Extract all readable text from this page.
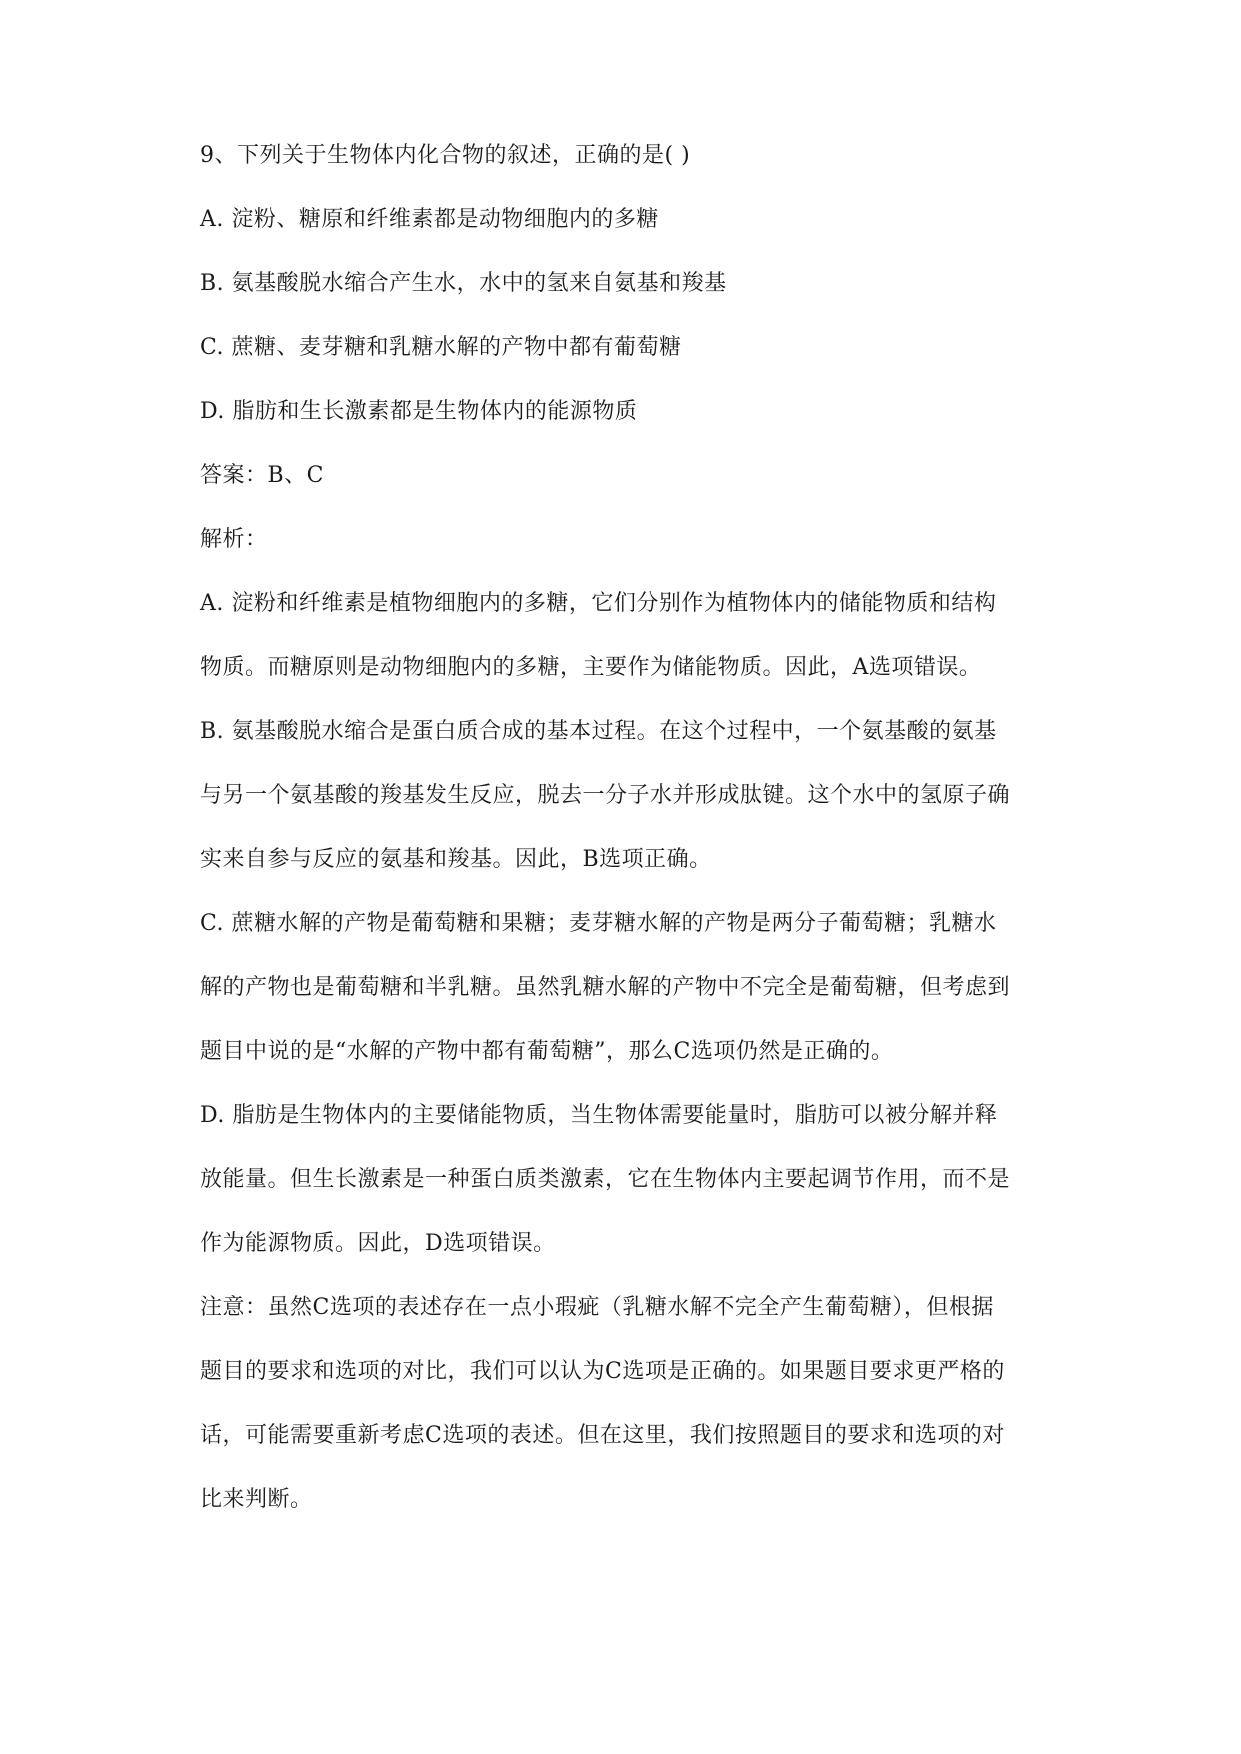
9、下列关于生物体内化合物的叙述，正确的是( )
A. 淀粉、糖原和纤维素都是动物细胞内的多糖
B. 氨基酸脱水缩合产生水，水中的氢来自氨基和羧基
C. 蔗糖、麦芽糖和乳糖水解的产物中都有葡萄糖
D. 脂肪和生长激素都是生物体内的能源物质
答案：B、C
解析：
A. 淀粉和纤维素是植物细胞内的多糖，它们分别作为植物体内的储能物质和结构
物质。而糖原则是动物细胞内的多糖，主要作为储能物质。因此，A选项错误。
B. 氨基酸脱水缩合是蛋白质合成的基本过程。在这个过程中，一个氨基酸的氨基
与另一个氨基酸的羧基发生反应，脱去一分子水并形成肽键。这个水中的氢原子确
实来自参与反应的氨基和羧基。因此，B选项正确。
C. 蔗糖水解的产物是葡萄糖和果糖；麦芽糖水解的产物是两分子葡萄糖；乳糖水
解的产物也是葡萄糖和半乳糖。虽然乳糖水解的产物中不完全是葡萄糖，但考虑到
题目中说的是“水解的产物中都有葡萄糖”，那么C选项仍然是正确的。
D. 脂肪是生物体内的主要储能物质，当生物体需要能量时，脂肪可以被分解并释
放能量。但生长激素是一种蛋白质类激素，它在生物体内主要起调节作用，而不是
作为能源物质。因此，D选项错误。
注意：虽然C选项的表述存在一点小瑕疵（乳糖水解不完全产生葡萄糖），但根据
题目的要求和选项的对比，我们可以认为C选项是正确的。如果题目要求更严格的
话，可能需要重新考虑C选项的表述。但在这里，我们按照题目的要求和选项的对
比来判断。
